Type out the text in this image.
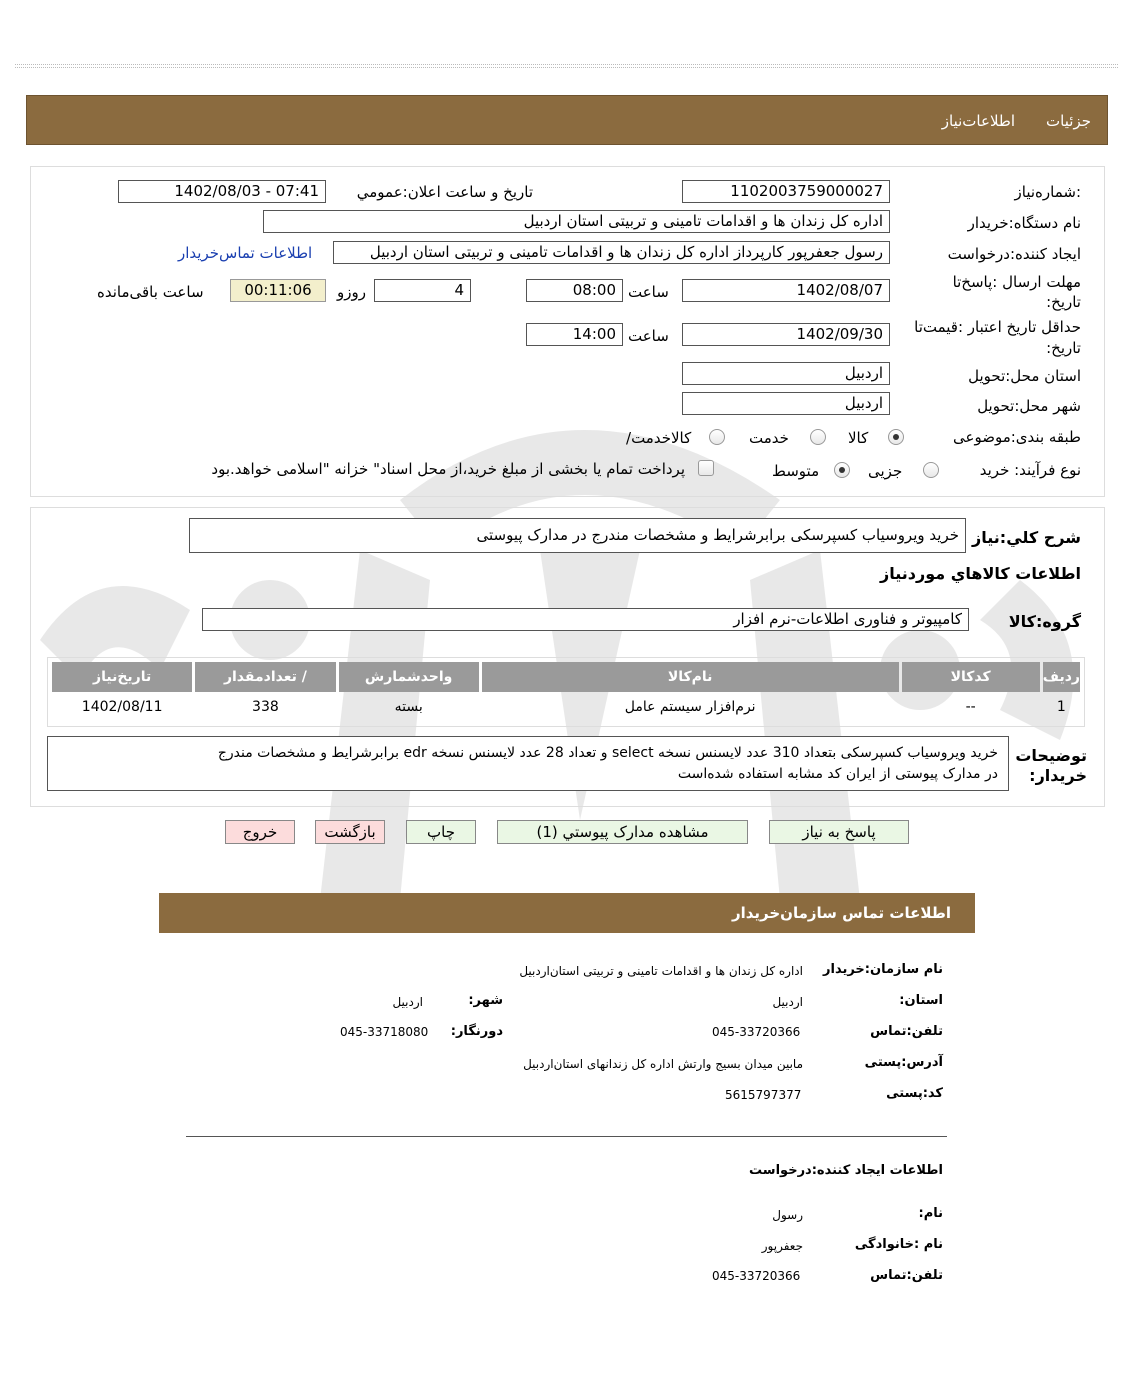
جزئیات
اطلاعات‌نیاز
شماره‌نیاز:
1102003759000027
تاریخ و ساعت اعلان:عمومي
1402/08/03 - 07:41
نام دستگاه:خریدار
اداره کل زندان ها و اقدامات تامینی و تربیتی استان اردبیل
ایجاد کننده:درخواست
رسول جعفرپور کارپرداز اداره کل زندان ها و اقدامات تامینی و تربیتی استان اردبیل
اطلاعات تماس‌خریدار
مهلت ارسال :پاسخ‌تا
:تاریخ
1402/08/07
ساعت
08:00
4
روزو
00:11:06
ساعت باقی‌مانده
حداقل تاریخ اعتبار :قیمت‌تا
:تاریخ
1402/09/30
ساعت
14:00
استان محل:تحویل
اردبیل
شهر محل:تحویل
اردبیل
طبقه بندی:موضوعی
کالا
خدمت
/کالاخدمت
نوع فرآیند: خرید
جزیی
متوسط
پرداخت تمام یا بخشی از مبلغ خرید،از محل اسناد" خزانه "اسلامی خواهد.بود
شرح کلي:نیاز
خرید ویروسیاب کسپرسکی برابرشرایط و مشخصات مندرج در مدارک پیوستی
اطلاعات کالاهاي موردنیاز
گروه:کالا
کامپیوتر و فناوری اطلاعات-نرم افزار
ردیف	کدکالا	نام‌کالا	واحدشمارش	/ تعدادمقدار	تاریخ‌نیاز
1	--	نرم‌افزار سیستم عامل	بسته	338	1402/08/11
توضیحات
:خریدار
خرید ویروسیاب کسپرسکی بتعداد 310 عدد لایسنس نسخه select و تعداد 28 عدد لایسنس نسخه edr برابرشرایط و مشخصات مندرج
در مدارک پیوستی از ایران کد مشابه استفاده شده‌است
پاسخ به نیاز
مشاهده مدارک پیوستي (1)
چاپ
بازگشت
خروج
اطلاعات تماس سازمان‌خریدار
نام سازمان:خریدار
اداره کل زندان ها و اقدامات تامینی و تربیتی استان‌اردبیل
:استان
اردبیل
:شهر
اردبیل
تلفن:تماس
045-33720366
:دورنگار
045-33718080
آدرس:پستی
مابین میدان بسیج وارتش اداره کل زندانهای استان‌اردبیل
کد:پستی
5615797377
اطلاعات ایجاد کننده:درخواست
:نام
رسول
نام :خانوادگی
جعفرپور
تلفن:تماس
045-33720366
